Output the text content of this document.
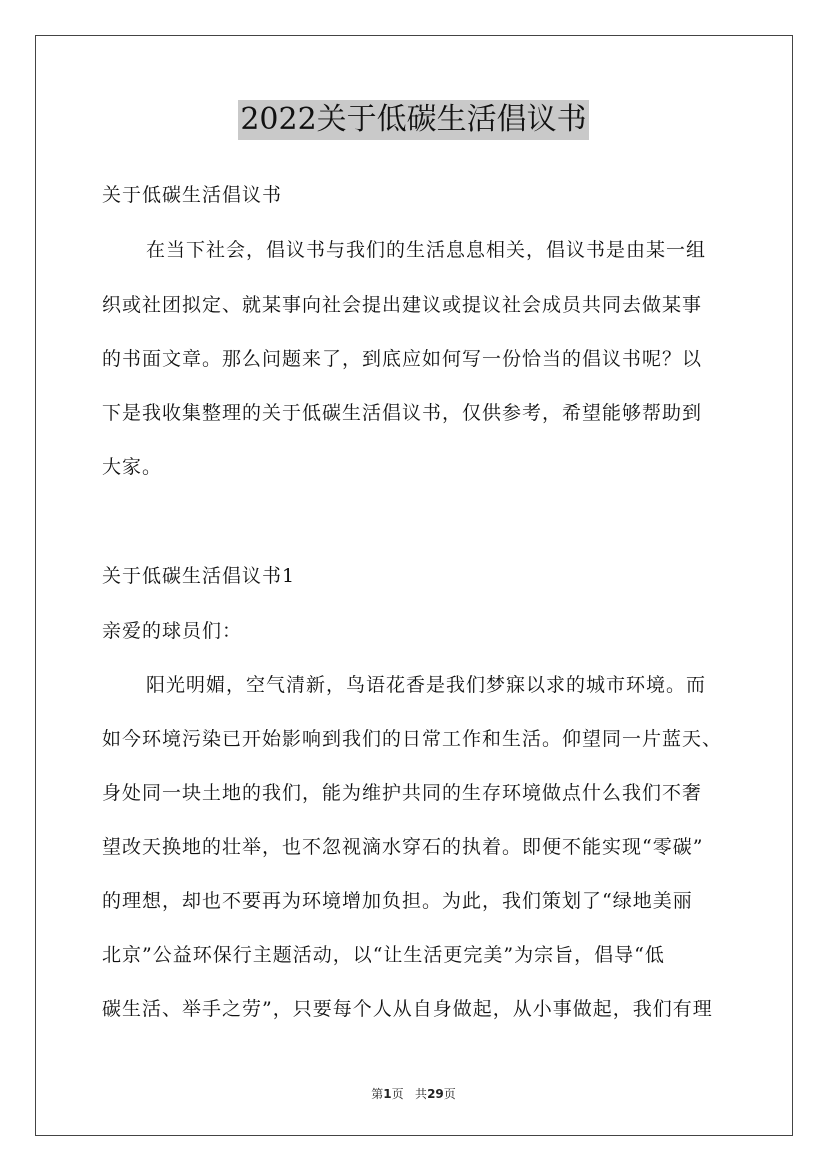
2022关于低碳生活倡议书
关于低碳生活倡议书
在当下社会，倡议书与我们的生活息息相关，倡议书是由某一组
织或社团拟定、就某事向社会提出建议或提议社会成员共同去做某事
的书面文章。那么问题来了，到底应如何写一份恰当的倡议书呢？以
下是我收集整理的关于低碳生活倡议书，仅供参考，希望能够帮助到
大家。
关于低碳生活倡议书1
亲爱的球员们：
阳光明媚，空气清新，鸟语花香是我们梦寐以求的城市环境。而
如今环境污染已开始影响到我们的日常工作和生活。仰望同一片蓝天、
身处同一块土地的我们，能为维护共同的生存环境做点什么我们不奢
望改天换地的壮举，也不忽视滴水穿石的执着。即便不能实现“零碳”
的理想，却也不要再为环境增加负担。为此，我们策划了“绿地美丽
北京”公益环保行主题活动，以“让生活更完美”为宗旨，倡导“低
碳生活、举手之劳”，只要每个人从自身做起，从小事做起，我们有理
第1页 共29页
